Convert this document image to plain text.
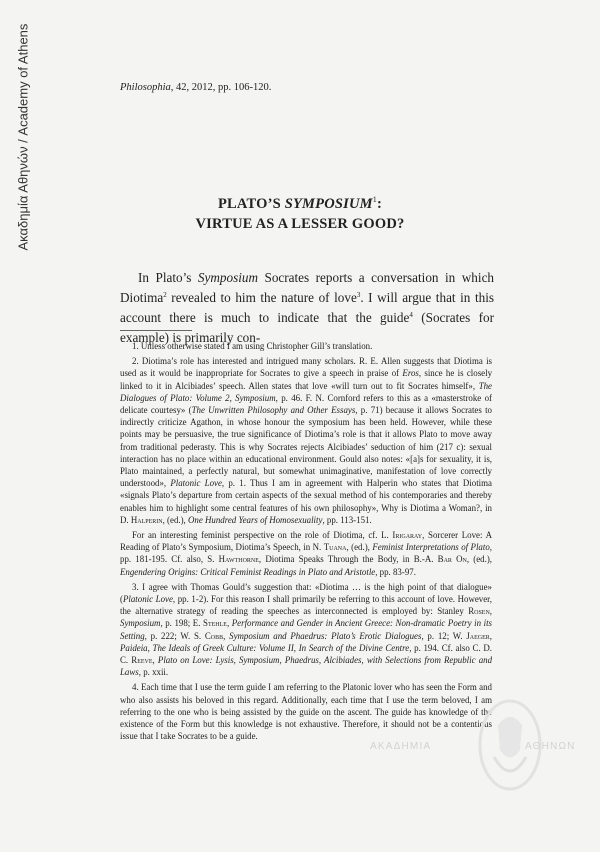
Ακαδημία Αθηνών / Academy of Athens	Philosophia, 42, 2012, pp. 106-120.
PLATO’S SYMPOSIUM$^1$:
VIRTUE AS A LESSER GOOD?
In Plato’s Symposium Socrates reports a conversation in which Diotima$^2$ revealed to him the nature of love$^3$. I will argue that in this account there is much to indicate that the guide$^4$ (Socrates for example) is primarily con-

1. Unless otherwise stated I am using Christopher Gill’s translation.

2. Diotima’s role has interested and intrigued many scholars. R. E. Allen suggests that Diotima is used as it would be inappropriate for Socrates to give a speech in praise of Eros, since he is closely linked to it in Alcibiades’ speech. Allen states that love «will turn out to fit Socrates himself», The Dialogues of Plato: Volume 2, Symposium, p. 46. F. N. Cornford refers to this as a «masterstroke of delicate courtesy» (The Unwritten Philosophy and Other Essays, p. 71) because it allows Socrates to indirectly criticize Agathon, in whose honour the symposium has been held. However, while these points may be persuasive, the true significance of Diotima’s role is that it allows Plato to move away from traditional pederasty. This is why Socrates rejects Alcibiades’ seduction of him (217 c): sexual interaction has no place within an educational environment. Gould also notes: «[a]s for sexuality, it is, Plato maintained, a perfectly natural, but somewhat unimaginative, manifestation of love correctly understood», Platonic Love, p. 1. Thus I am in agreement with Halperin who states that Diotima «signals Plato’s departure from certain aspects of the sexual method of his contemporaries and thereby enables him to highlight some central features of his own philosophy», Why is Diotima a Woman?, in D. Halperin, (ed.), One Hundred Years of Homosexuality, pp. 113-151.

For an interesting feminist perspective on the role of Diotima, cf. L. Irigaray, Sorcerer Love: A Reading of Plato’s Symposium, Diotima’s Speech, in N. Tuana, (ed.), Feminist Interpretations of Plato, pp. 181-195. Cf. also, S. Hawthorne, Diotima Speaks Through the Body, in B.-A. Bar On, (ed.), Engendering Origins: Critical Feminist Readings in Plato and Aristotle, pp. 83-97.

3. I agree with Thomas Gould’s suggestion that: «Diotima … is the high point of that dialogue» (Platonic Love, pp. 1-2). For this reason I shall primarily be referring to this account of love. However, the alternative strategy of reading the speeches as interconnected is employed by: Stanley Rosen, Symposium, p. 198; E. Stehle, Performance and Gender in Ancient Greece: Non-dramatic Poetry in its Setting, p. 222; W. S. Cobb, Symposium and Phaedrus: Plato’s Erotic Dialogues, p. 12; W. Jaeger, Paideia, The Ideals of Greek Culture: Volume II, In Search of the Divine Centre, p. 194. Cf. also C. D. C. Reeve, Plato on Love: Lysis, Symposium, Phaedrus, Alcibiades, with Selections from Republic and Laws, p. xxii.

4. Each time that I use the term guide I am referring to the Platonic lover who has seen the Form and who also assists his beloved in this regard. Additionally, each time that I use the term beloved, I am referring to the one who is being assisted by the guide on the ascent. The guide has knowledge of the existence of the Form but this knowledge is not exhaustive. Therefore, it should not be a contentious issue that I take Socrates to be a guide.

ΑΚΑΔΗΜΙΑ	ΑΘΗΝΩΝ
